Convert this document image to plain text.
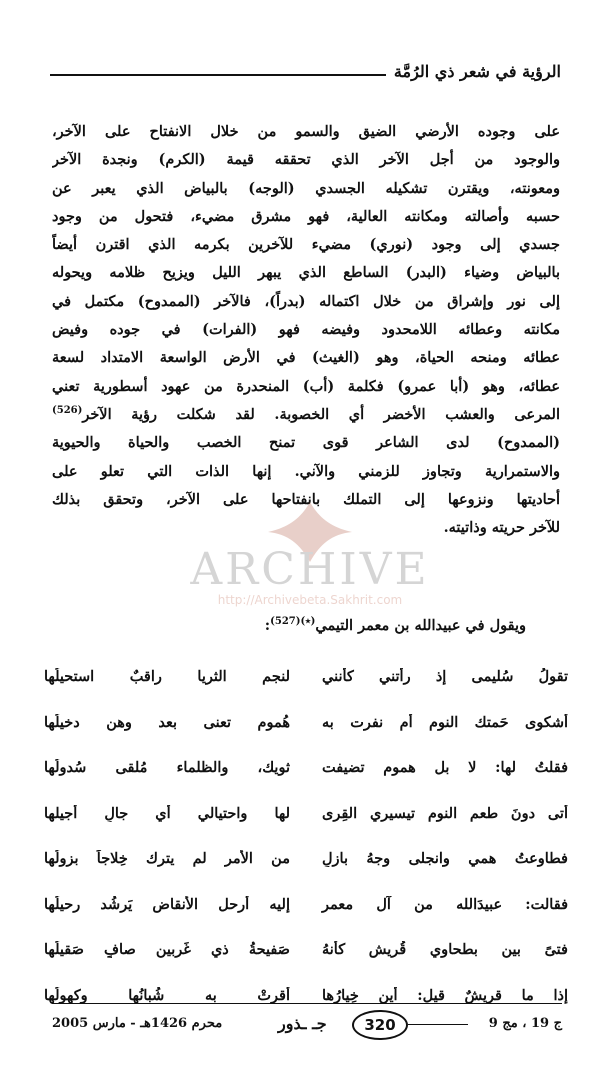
الرؤية في شعر ذي الرُمَّة
على وجوده الأرضي الضيق والسمو من خلال الانفتاح على الآخر،
والوجود من أجل الآخر الذي تحققه قيمة (الكرم) ونجدة الآخر
ومعونته، ويقترن تشكيله الجسدي (الوجه) بالبياض الذي يعبر عن
حسبه وأصالته ومكانته العالية، فهو مشرق مضيء، فتحول من وجود
جسدي إلى وجود (نوري) مضيء للآخرين بكرمه الذي اقترن أيضاً
بالبياض وضياء (البدر) الساطع الذي يبهر الليل ويزيح ظلامه ويحوله
إلى نور وإشراق من خلال اكتماله (بدراً)، فالآخر (الممدوح) مكتمل في
مكانته وعطائه اللامحدود وفيضه فهو (الفرات) في جوده وفيض
عطائه ومنحه الحياة، وهو (الغيث) في الأرض الواسعة الامتداد لسعة
عطائه، وهو (أبا عمرو) فكلمة (أب) المنحدرة من عهود أسطورية تعني
المرعى والعشب الأخضر أي الخصوبة. لقد شكلت رؤية الآخر$^{(526)}$
(الممدوح) لدى الشاعر قوى تمنح الخصب والحياة والحيوية
والاستمرارية وتجاوز للزمني والآني. إنها الذات التي تعلو على
أحاديتها ونزوعها إلى التملك بانفتاحها على الآخر، وتحقق بذلك
للآخر حريته وذاتيته.
ويقول في عبيدالله بن معمر التيمي$^{(٭)(527)}$:
تقولُ سُليمى إذ رأتني كأنني
لنجم الثريا راقبٌ استحيلُها
أشكوى حَمتك النوم أم نفرت به
هُموم تعنى بعد وهن دخيلُها
فقلتُ لها: لا بل هموم تضيفت
ثويك، والظلماء مُلقى سُدولُها
أتى دونَ طعم النوم تيسيري القِرى
لها واحتيالي أي جالِ أجيلها
فطاوعتُ همي وانجلى وجهُ بازلٍ
من الأمر لم يترك خِلاجاً بزولُها
فقالت: عبيدَالله من آل معمر
إليه أرحل الأنقاض يَرشُد رحيلُها
فتىً بين بطحاوي قُريشٍ كأنهُ
صَفيحةُ ذي غَربين صافٍ صَقيلُها
إذا ما قريشٌ قيل: أين خِيارُها
أقرتْ به شُبانُها وكهولُها
ARCHIVE
http://Archivebeta.Sakhrit.com
ج 19 ، مج 9
320
جـ ـذور
محرم 1426هـ - مارس 2005
